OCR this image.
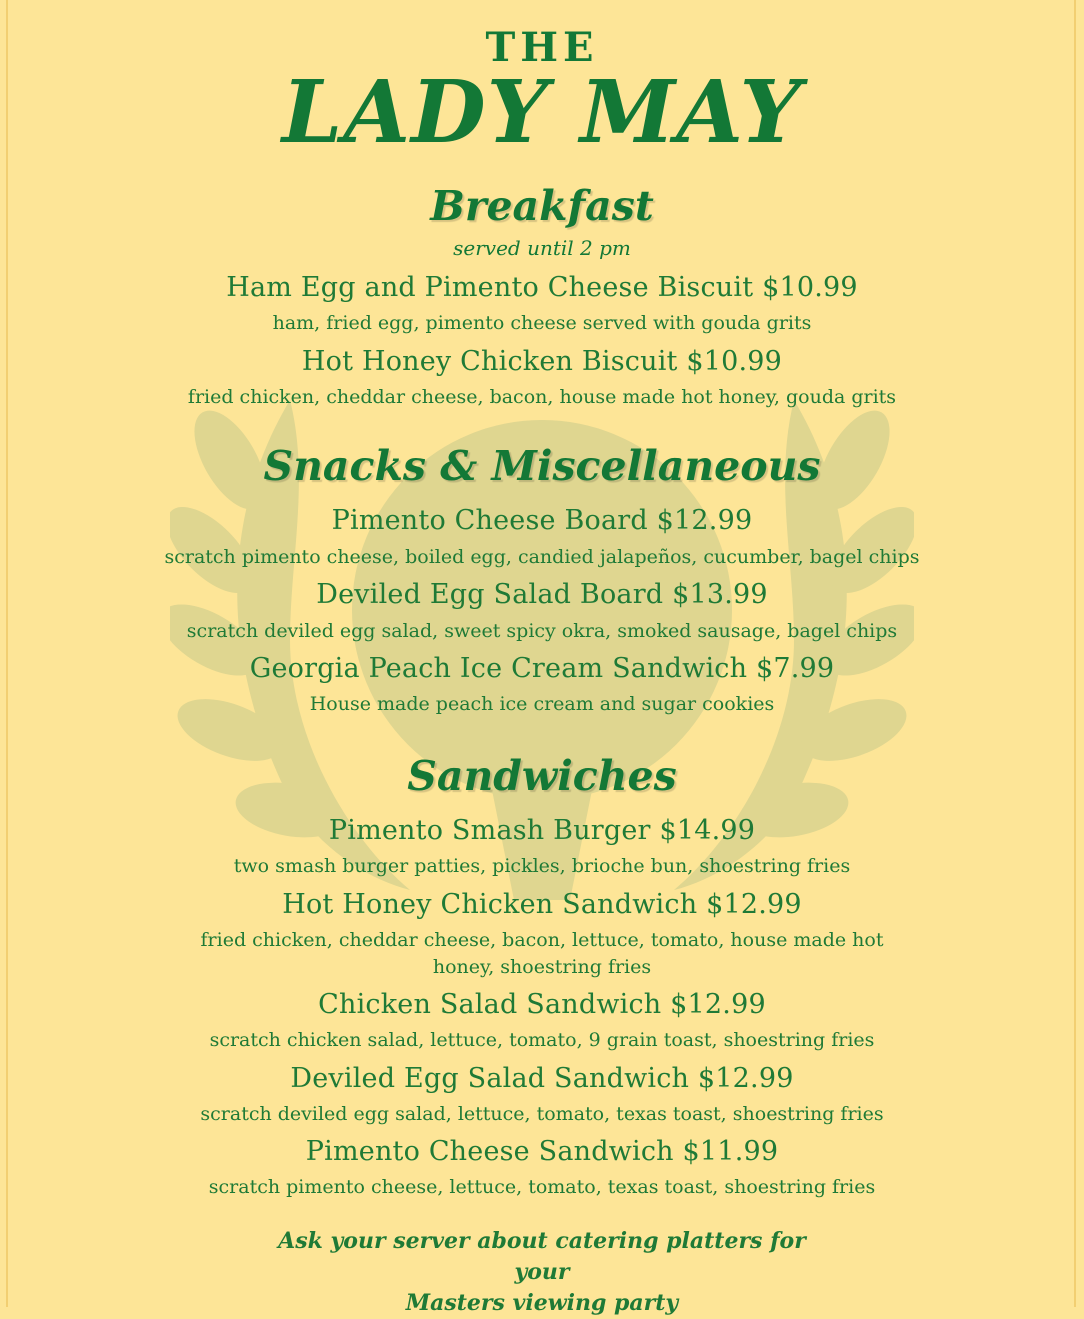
THE
LADY MAY
Breakfast
served until 2 pm
Ham Egg and Pimento Cheese Biscuit $10.99
ham, fried egg, pimento cheese served with gouda grits
Hot Honey Chicken Biscuit $10.99
fried chicken, cheddar cheese, bacon, house made hot honey, gouda grits
Snacks & Miscellaneous
Pimento Cheese Board $12.99
scratch pimento cheese, boiled egg, candied jalapeños, cucumber, bagel chips
Deviled Egg Salad Board $13.99
scratch deviled egg salad, sweet spicy okra, smoked sausage, bagel chips
Georgia Peach Ice Cream Sandwich $7.99
House made peach ice cream and sugar cookies
Sandwiches
Pimento Smash Burger $14.99
two smash burger patties, pickles, brioche bun, shoestring fries
Hot Honey Chicken Sandwich $12.99
fried chicken, cheddar cheese, bacon, lettuce, tomato, house made hot honey, shoestring fries
Chicken Salad Sandwich $12.99
scratch chicken salad, lettuce, tomato, 9 grain toast, shoestring fries
Deviled Egg Salad Sandwich $12.99
scratch deviled egg salad, lettuce, tomato, texas toast, shoestring fries
Pimento Cheese Sandwich $11.99
scratch pimento cheese, lettuce, tomato, texas toast, shoestring fries
Ask your server about catering platters for your
Masters viewing party
